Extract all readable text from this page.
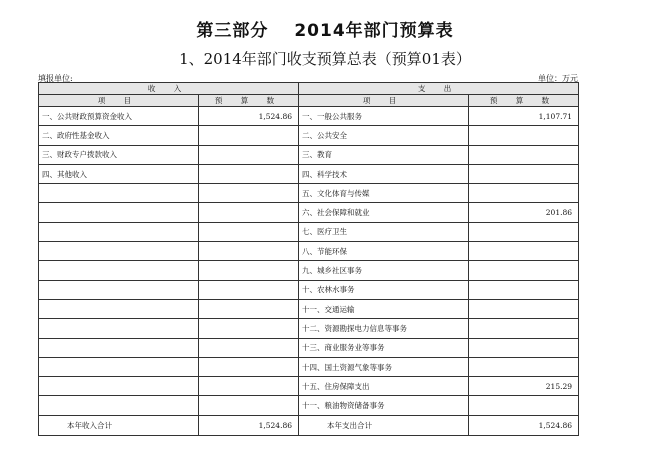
第三部分 2014年部门预算表
1、2014年部门收支预算总表（预算01表）
填报单位:	单位：万元
收 入		支 出	
项 目	预 算 数	项 目	预 算 数
一、公共财政预算资金收入	1,524.86	一、一般公共服务	1,107.71
二、政府性基金收入		二、公共安全	
三、财政专户拨款收入		三、教育	
四、其他收入		四、科学技术	
		五、文化体育与传媒	
		六、社会保障和就业	201.86
		七、医疗卫生	
		八、节能环保	
		九、城乡社区事务	
		十、农林水事务	
		十一、交通运输	
		十二、资源勘探电力信息等事务	
		十三、商业服务业等事务	
		十四、国土资源气象等事务	
		十五、住房保障支出	215.29
		十一、粮油物资储备事务	
本年收入合计	1,524.86	本年支出合计	1,524.86
